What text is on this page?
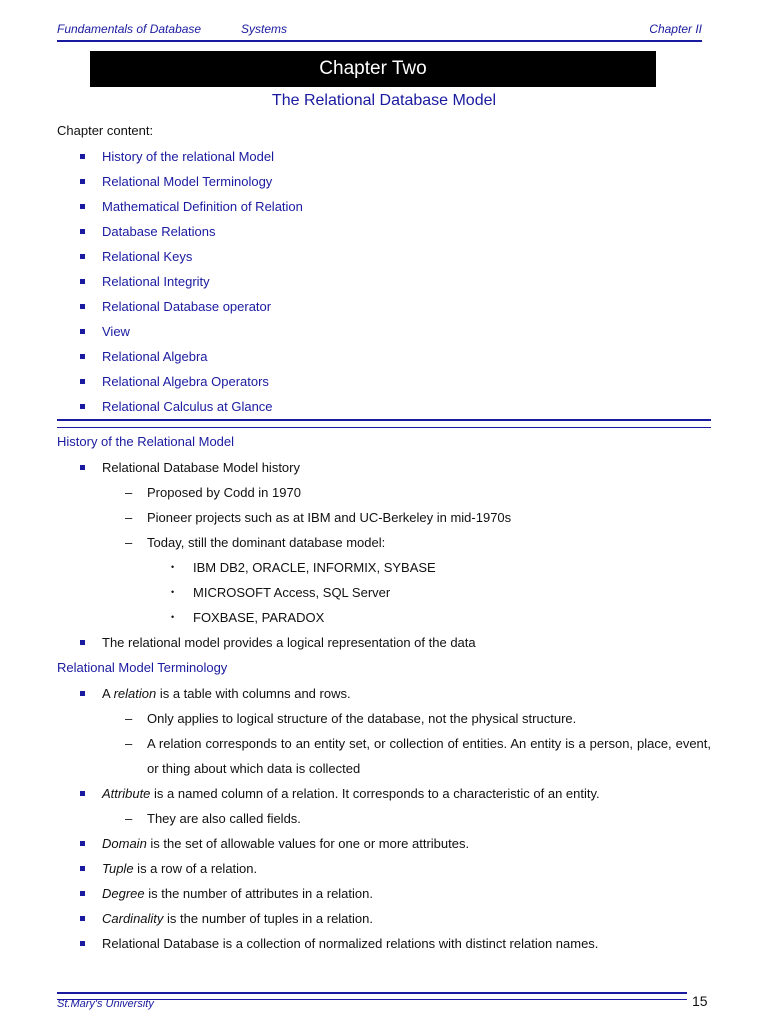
Fundamentals of Database	Systems	Chapter II
Chapter Two
The Relational Database Model
Chapter content:
History of the relational Model
Relational Model Terminology
Mathematical Definition of Relation
Database Relations
Relational Keys
Relational Integrity
Relational Database operator
View
Relational Algebra
Relational Algebra Operators
Relational Calculus at Glance
History of the Relational Model
Relational Database Model history
– Proposed by Codd in 1970
– Pioneer projects such as at IBM and UC-Berkeley in mid-1970s
– Today, still the dominant database model:
• IBM DB2, ORACLE, INFORMIX, SYBASE
• MICROSOFT Access, SQL Server
• FOXBASE, PARADOX
The relational model provides a logical representation of the data
Relational Model Terminology
A relation is a table with columns and rows.
– Only applies to logical structure of the database, not the physical structure.
– A relation corresponds to an entity set, or collection of entities. An entity is a person, place, event, or thing about which data is collected
Attribute is a named column of a relation. It corresponds to a characteristic of an entity.
– They are also called fields.
Domain is the set of allowable values for one or more attributes.
Tuple is a row of a relation.
Degree is the number of attributes in a relation.
Cardinality is the number of tuples in a relation.
Relational Database is a collection of normalized relations with distinct relation names.
St.Mary's University	15
